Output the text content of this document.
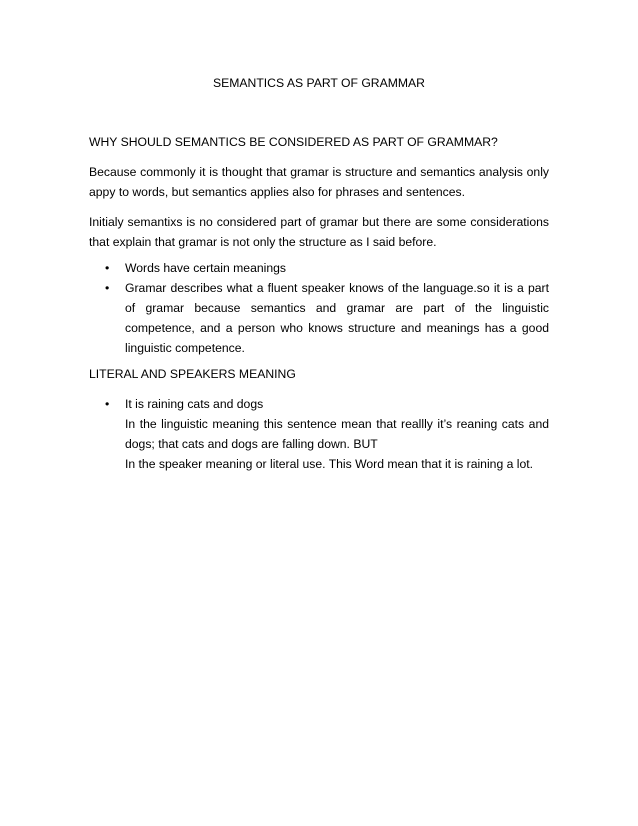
SEMANTICS AS PART OF GRAMMAR

WHY SHOULD SEMANTICS BE CONSIDERED AS PART OF GRAMMAR?

Because commonly it is thought that gramar is structure and semantics analysis only appy to words, but semantics applies also for phrases and sentences.

Initialy semantixs is no considered part of gramar but there are some considerations that explain that gramar is not only the structure as I said before.

•	Words have certain meanings
•	Gramar describes what a fluent speaker knows of the language.so it is a part of gramar because semantics and gramar are part of the linguistic competence, and a person who knows structure and meanings has a good linguistic competence.

LITERAL AND SPEAKERS MEANING

•	It is raining cats and dogs
In the linguistic meaning this sentence mean that reallly it’s reaning cats and dogs; that cats and dogs are falling down. BUT
In the speaker meaning or literal use. This Word mean that it is raining a lot.
